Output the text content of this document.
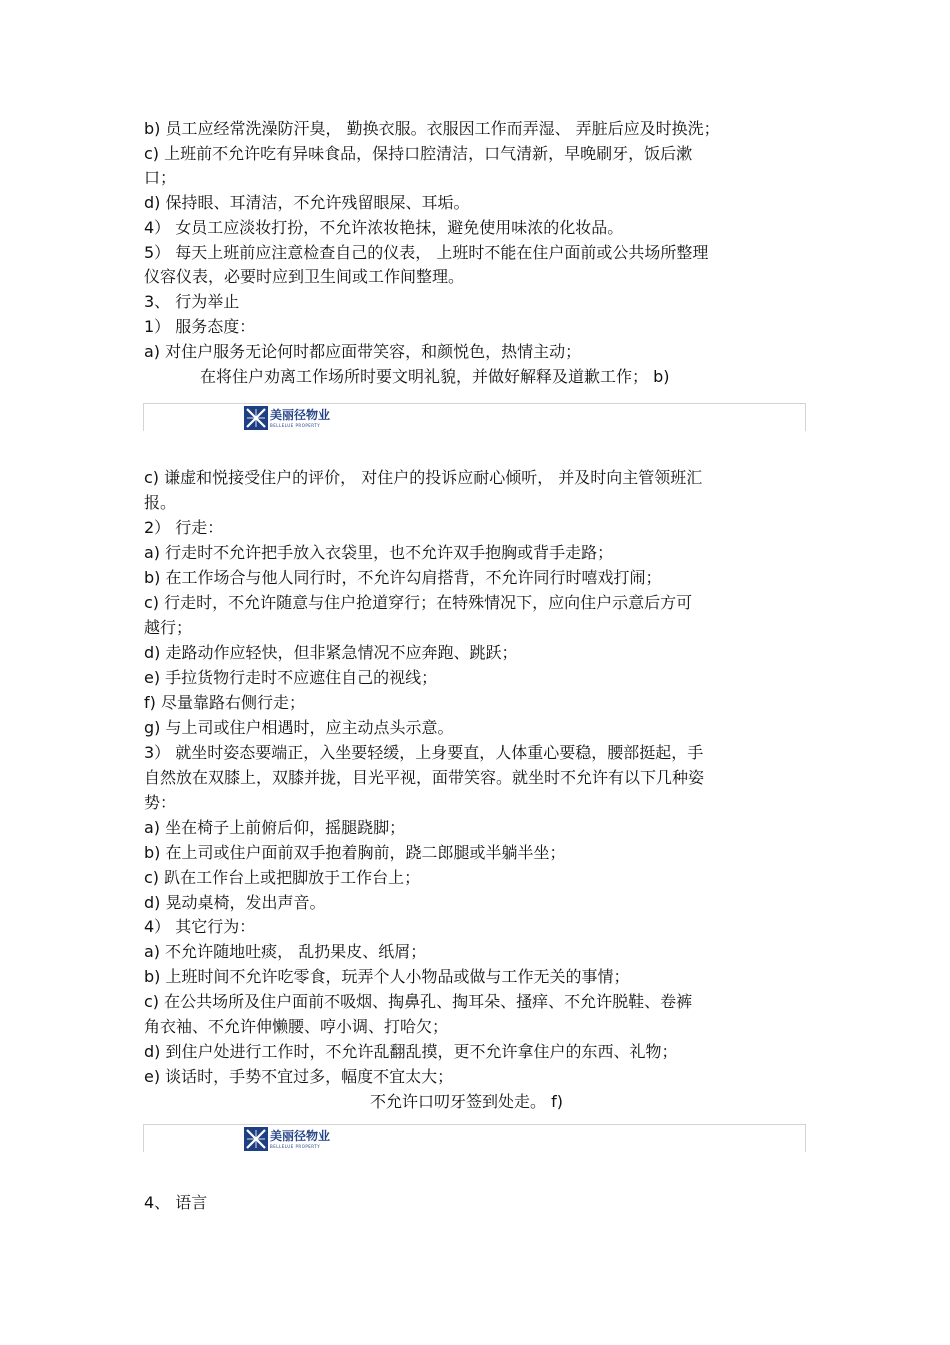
b) 员工应经常洗澡防汗臭， 勤换衣服。衣服因工作而弄湿、 弄脏后应及时换洗；
c) 上班前不允许吃有异味食品，保持口腔清洁，口气清新，早晚刷牙，饭后漱
口；
d) 保持眼、耳清洁，不允许残留眼屎、耳垢。
4） 女员工应淡妆打扮，不允许浓妆艳抹，避免使用味浓的化妆品。
5） 每天上班前应注意检查自己的仪表， 上班时不能在住户面前或公共场所整理
仪容仪表，必要时应到卫生间或工作间整理。
3、 行为举止
1） 服务态度：
a) 对住户服务无论何时都应面带笑容，和颜悦色，热情主动；
在将住户劝离工作场所时要文明礼貌，并做好解释及道歉工作； b)
美丽径物业
BELLELUE PROPERTY
c) 谦虚和悦接受住户的评价， 对住户的投诉应耐心倾听， 并及时向主管领班汇
报。
2） 行走：
a) 行走时不允许把手放入衣袋里，也不允许双手抱胸或背手走路；
b) 在工作场合与他人同行时，不允许勾肩搭背，不允许同行时嘻戏打闹；
c) 行走时，不允许随意与住户抢道穿行；在特殊情况下，应向住户示意后方可
越行；
d) 走路动作应轻快，但非紧急情况不应奔跑、跳跃；
e) 手拉货物行走时不应遮住自己的视线；
f) 尽量靠路右侧行走；
g) 与上司或住户相遇时，应主动点头示意。
3） 就坐时姿态要端正，入坐要轻缓，上身要直，人体重心要稳，腰部挺起，手
自然放在双膝上，双膝并拢，目光平视，面带笑容。就坐时不允许有以下几种姿
势：
a) 坐在椅子上前俯后仰，摇腿跷脚；
b) 在上司或住户面前双手抱着胸前，跷二郎腿或半躺半坐；
c) 趴在工作台上或把脚放于工作台上；
d) 晃动桌椅，发出声音。
4） 其它行为：
a) 不允许随地吐痰， 乱扔果皮、纸屑；
b) 上班时间不允许吃零食，玩弄个人小物品或做与工作无关的事情；
c) 在公共场所及住户面前不吸烟、掏鼻孔、掏耳朵、搔痒、不允许脱鞋、卷裤
角衣袖、不允许伸懒腰、哼小调、打哈欠；
d) 到住户处进行工作时，不允许乱翻乱摸，更不允许拿住户的东西、礼物；
e) 谈话时，手势不宜过多，幅度不宜太大；
不允许口叨牙签到处走。 f)
美丽径物业
BELLELUE PROPERTY
4、 语言
